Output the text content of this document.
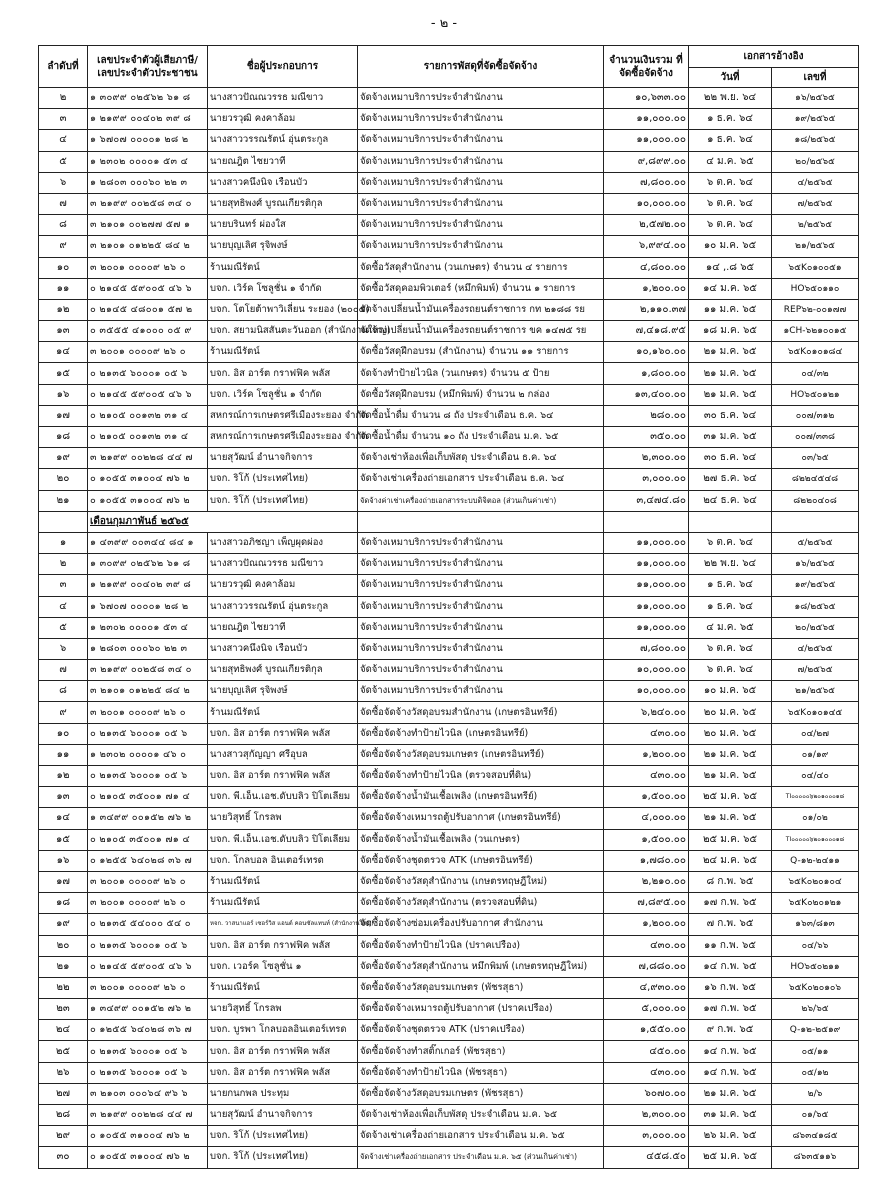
- ๒ -
ลำดับที่	เลขประจำตัวผู้เสียภาษี/ เลขประจำตัวประชาชน	ชื่อผู้ประกอบการ	รายการพัสดุที่จัดซื้อจัดจ้าง	จำนวนเงินรวม ที่จัดซื้อจัดจ้าง	เอกสารอ้างอิง	
					วันที่	เลขที่
๒	๑ ๓๐๙๙ ๐๒๕๖๒ ๖๑ ๘	นางสาวปัณณวรรธ มณีขาว	จัดจ้างเหมาบริการประจำสำนักงาน	๑๐,๖๓๓.๐๐	๒๒ พ.ย. ๖๔	๑๖/๒๕๖๕
๓	๑ ๒๑๙๙ ๐๐๔๐๒ ๓๙ ๘	นายวรวุฒิ คงคาล้อม	จัดจ้างเหมาบริการประจำสำนักงาน	๑๑,๐๐๐.๐๐	๑ ธ.ค. ๖๔	๑๙/๒๕๖๕
๔	๑ ๖๗๐๗ ๐๐๐๐๑ ๒๘ ๒	นางสาววรรณรัตน์ อุ่นตระกูล	จัดจ้างเหมาบริการประจำสำนักงาน	๑๑,๐๐๐.๐๐	๑ ธ.ค. ๖๔	๑๘/๒๕๖๕
๕	๑ ๒๓๐๒ ๐๐๐๐๑ ๕๓ ๔	นายณฎิต ไชยวาที	จัดจ้างเหมาบริการประจำสำนักงาน	๙,๘๙๙.๐๐	๔ ม.ค. ๖๕	๒๐/๒๕๖๕
๖	๑ ๒๘๐๓ ๐๐๐๖๐ ๒๒ ๓	นางสาวคนึงนิจ เรือนบัว	จัดจ้างเหมาบริการประจำสำนักงาน	๗,๘๐๐.๐๐	๖ ต.ค. ๖๔	๔/๒๕๖๕
๗	๓ ๒๑๙๙ ๐๐๒๕๘ ๓๔ ๐	นายสุทธิพงศ์ บูรณเกียรติกุล	จัดจ้างเหมาบริการประจำสำนักงาน	๑๐,๐๐๐.๐๐	๖ ต.ค. ๖๔	๗/๒๕๖๕
๘	๓ ๒๑๐๑ ๐๐๒๗๗ ๕๗ ๑	นายบรินทร์ ผ่องใส	จัดจ้างเหมาบริการประจำสำนักงาน	๒,๕๗๒.๐๐	๖ ต.ค. ๖๔	๒/๒๕๖๕
๙	๓ ๒๑๐๑ ๐๑๒๒๕ ๘๔ ๒	นายบุญเลิศ รุจิพงษ์	จัดจ้างเหมาบริการประจำสำนักงาน	๖,๙๙๔.๐๐	๑๐ ม.ค. ๖๕	๒๑/๒๕๖๕
๑๐	๓ ๒๐๐๑ ๐๐๐๐๙ ๒๖ ๐	ร้านมณีรัตน์	จัดซื้อวัสดุสำนักงาน (วนเกษตร) จำนวน ๔ รายการ	๔,๘๐๐.๐๐	๑๔ ,.๘ ๖๕	๖๕K๐๑๐๐๕๑
๑๑	๐ ๒๑๔๕ ๕๙๐๐๕ ๔๖ ๖	บจก. เวิร์ค โซลูชั่น ๑ จำกัด	จัดซื้อวัสดุคอมพิวเตอร์ (หมึกพิมพ์) จำนวน ๑ รายการ	๑,๒๐๐.๐๐	๑๔ ม.ค. ๖๕	HO๖๕๐๑๑๐
๑๒	๐ ๒๑๔๕ ๔๘๐๐๑ ๕๗ ๒	บจก. โตโยต้าพาวิเลี่ยน ระยอง (๒๐๐๕)	จัดจ้างเปลี่ยนน้ำมันเครื่องรถยนต์ราชการ กท ๒๑๘๘ รย	๒,๑๑๐.๓๗	๑๑ ม.ค. ๖๕	REP๖๒-๐๐๑๗๗
๑๓	๐ ๓๕๕๕ ๔๑๐๐๐ ๐๕ ๙	บจก. สยามนิสสันตะวันออก (สำนักงานใหญ่)	จัดจ้างเปลี่ยนน้ำมันเครื่องรถยนต์ราชการ ขค ๑๔๗๕ รย	๗,๔๑๘.๙๕	๑๘ ม.ค. ๖๕	๑CH-๖๒๑๐๐๑๕
๑๔	๓ ๒๐๐๑ ๐๐๐๐๙ ๒๖ ๐	ร้านมณีรัตน์	จัดซื้อวัสดุฝึกอบรม (สำนักงาน) จำนวน ๑๑ รายการ	๑๐,๑๖๐.๐๐	๒๑ ม.ค. ๖๕	๖๕K๐๑๐๑๘๔
๑๕	๐ ๒๑๓๕ ๖๐๐๐๑ ๐๕ ๖	บจก. อิส อาร์ต กราฟฟิค พลัส	จัดจ้างทำป้ายไวนิล (วนเกษตร) จำนวน ๕ ป้าย	๑,๘๐๐.๐๐	๒๑ ม.ค. ๖๕	๐๔/๓๒
๑๖	๐ ๒๑๔๕ ๕๙๐๐๕ ๔๖ ๖	บจก. เวิร์ค โซลูชั่น ๑ จำกัด	จัดซื้อวัสดุฝึกอบรม (หมึกพิมพ์) จำนวน ๒ กล่อง	๑๓,๔๐๐.๐๐	๒๑ ม.ค. ๖๕	HO๖๕๐๑๒๑
๑๗	๐ ๒๑๐๕ ๐๐๑๓๒ ๓๑ ๔	สหกรณ์การเกษตรศรีเมืองระยอง จำกัด	จัดซื้อน้ำดื่ม จำนวน ๘ ถัง ประจำเดือน ธ.ค. ๖๔	๒๘๐.๐๐	๓๐ ธ.ค. ๖๔	๐๐๗/๓๑๒
๑๘	๐ ๒๑๐๕ ๐๐๑๓๒ ๓๑ ๔	สหกรณ์การเกษตรศรีเมืองระยอง จำกัด	จัดซื้อน้ำดื่ม จำนวน ๑๐ ถัง ประจำเดือน ม.ค. ๖๕	๓๕๐.๐๐	๓๑ ม.ค. ๖๕	๐๐๗/๓๓๘
๑๙	๓ ๒๑๙๙ ๐๐๒๒๘ ๔๔ ๗	นายสุวัฒน์ อำนาจกิจการ	จัดจ้างเช่าห้องเพื่อเก็บพัสดุ ประจำเดือน ธ.ค. ๖๔	๒,๓๐๐.๐๐	๓๐ ธ.ค. ๖๔	๐๓/๖๕
๒๐	๐ ๑๐๕๕ ๓๑๐๐๔ ๗๖ ๒	บจก. ริโก้ (ประเทศไทย)	จัดจ้างเช่าเครื่องถ่ายเอกสาร ประจำเดือน ธ.ค. ๖๔	๓,๐๐๐.๐๐	๒๗ ธ.ค. ๖๔	๘๒๒๔๕๔๘
๒๑	๐ ๑๐๕๕ ๓๑๐๐๔ ๗๖ ๒	บจก. ริโก้ (ประเทศไทย)	จัดจ้างค่าเช่าเครื่องถ่ายเอกสารระบบดิจิตอล (ส่วนเกินค่าเช่า)	๓,๔๗๔.๘๐	๒๔ ธ.ค. ๖๔	๘๒๒๐๔๐๘
	เดือนกุมภาพันธ์ ๒๕๖๕					
๑	๑ ๔๓๙๙ ๐๐๓๔๔ ๘๔ ๑	นางสาวอภิชญา เพ็ญผุดผ่อง	จัดจ้างเหมาบริการประจำสำนักงาน	๑๑,๐๐๐.๐๐	๖ ต.ค. ๖๔	๕/๒๕๖๕
๒	๑ ๓๐๙๙ ๐๒๕๖๒ ๖๑ ๘	นางสาวปัณณวรรธ มณีขาว	จัดจ้างเหมาบริการประจำสำนักงาน	๑๑,๐๐๐.๐๐	๒๒ พ.ย. ๖๔	๑๖/๒๕๖๕
๓	๑ ๒๑๙๙ ๐๐๔๐๒ ๓๙ ๘	นายวรวุฒิ คงคาล้อม	จัดจ้างเหมาบริการประจำสำนักงาน	๑๑,๐๐๐.๐๐	๑ ธ.ค. ๖๔	๑๙/๒๕๖๕
๔	๑ ๖๗๐๗ ๐๐๐๐๑ ๒๘ ๒	นางสาววรรณรัตน์ อุ่นตระกูล	จัดจ้างเหมาบริการประจำสำนักงาน	๑๑,๐๐๐.๐๐	๑ ธ.ค. ๖๔	๑๘/๒๕๖๕
๕	๑ ๒๓๐๒ ๐๐๐๐๑ ๕๓ ๔	นายณฎิต ไชยวาที	จัดจ้างเหมาบริการประจำสำนักงาน	๑๑,๐๐๐.๐๐	๔ ม.ค. ๖๕	๒๐/๒๕๖๕
๖	๑ ๒๘๐๓ ๐๐๐๖๐ ๒๒ ๓	นางสาวคนึงนิจ เรือนบัว	จัดจ้างเหมาบริการประจำสำนักงาน	๗,๘๐๐.๐๐	๖ ต.ค. ๖๔	๔/๒๕๖๕
๗	๓ ๒๑๙๙ ๐๐๒๕๘ ๓๔ ๐	นายสุทธิพงศ์ บูรณเกียรติกุล	จัดจ้างเหมาบริการประจำสำนักงาน	๑๐,๐๐๐.๐๐	๖ ต.ค. ๖๔	๗/๒๕๖๕
๘	๓ ๒๑๐๑ ๐๑๒๒๕ ๘๔ ๒	นายบุญเลิศ รุจิพงษ์	จัดจ้างเหมาบริการประจำสำนักงาน	๑๐,๐๐๐.๐๐	๑๐ ม.ค. ๖๕	๒๑/๒๕๖๕
๙	๓ ๒๐๐๑ ๐๐๐๐๙ ๒๖ ๐	ร้านมณีรัตน์	จัดซื้อจัดจ้างวัสดุอบรมสำนักงาน (เกษตรอินทรีย์)	๖,๒๔๐.๐๐	๒๐ ม.ค. ๖๕	๖๕K๐๑๐๑๔๕
๑๐	๐ ๒๑๓๕ ๖๐๐๐๑ ๐๕ ๖	บจก. อิส อาร์ต กราฟฟิค พลัส	จัดซื้อจัดจ้างทำป้ายไวนิล (เกษตรอินทรีย์)	๔๓๐.๐๐	๒๐ ม.ค. ๖๕	๐๔/๒๗
๑๑	๑ ๒๓๐๒ ๐๐๐๐๑ ๔๖ ๐	นางสาวสุกัญญา ศรีอุบล	จัดซื้อจัดจ้างวัสดุอบรมเกษตร (เกษตรอินทรีย์)	๑,๒๐๐.๐๐	๒๑ ม.ค. ๖๕	๐๑/๑๙
๑๒	๐ ๒๑๓๕ ๖๐๐๐๑ ๐๕ ๖	บจก. อิส อาร์ต กราฟฟิค พลัส	จัดซื้อจัดจ้างทำป้ายไวนิล (ตรวจสอบที่ดิน)	๔๓๐.๐๐	๒๑ ม.ค. ๖๕	๐๔/๔๐
๑๓	๐ ๒๑๐๕ ๓๕๐๐๑ ๗๑ ๔	บจก. พี.เอ็น.เอช.ดับบลิว ปิโตเลียม	จัดซื้อจัดจ้างน้ำมันเชื้อเพลิง (เกษตรอินทรีย์)	๑,๕๐๐.๐๐	๒๕ ม.ค. ๖๕	TI๐๐๐๐๐๖๒๐๑๐๐๐๑๘
๑๔	๑ ๓๔๙๙ ๐๐๑๕๒ ๗๖ ๒	นายวิสุทธิ์ โกรลพ	จัดซื้อจัดจ้างเหมารถตู้ปรับอากาศ (เกษตรอินทรีย์)	๔,๐๐๐.๐๐	๒๑ ม.ค. ๖๕	๐๑/๐๒
๑๕	๐ ๒๑๐๕ ๓๕๐๐๑ ๗๑ ๔	บจก. พี.เอ็น.เอช.ดับบลิว ปิโตเลียม	จัดซื้อจัดจ้างน้ำมันเชื้อเพลิง (วนเกษตร)	๑,๕๐๐.๐๐	๒๕ ม.ค. ๖๕	TI๐๐๐๐๐๖๒๐๑๐๐๐๑๘
๑๖	๐ ๑๒๕๕ ๖๔๐๒๘ ๓๖ ๗	บจก. โกลบอล อินเตอร์เทรด	จัดซื้อจัดจ้างชุดตรวจ ATK (เกษตรอินทรีย์)	๑,๗๘๐.๐๐	๒๔ ม.ค. ๖๕	Q-๑๒-๒๔๑๑
๑๗	๓ ๒๐๐๑ ๐๐๐๐๙ ๒๖ ๐	ร้านมณีรัตน์	จัดซื้อจัดจ้างวัสดุสำนักงาน (เกษตรทฤษฎีใหม่)	๒,๒๑๐.๐๐	๘ ก.พ. ๖๕	๖๕K๐๒๐๑๐๔
๑๘	๓ ๒๐๐๑ ๐๐๐๐๙ ๒๖ ๐	ร้านมณีรัตน์	จัดซื้อจัดจ้างวัสดุสำนักงาน (ตรวจสอบที่ดิน)	๗,๘๙๕.๐๐	๑๗ ก.พ. ๖๕	๖๕K๐๒๐๑๒๑
๑๙	๐ ๒๑๓๕ ๕๔๐๐๐ ๕๔ ๐	หจก. วาสนาแอร์ เซอร์วิส แอนด์ คอนซัลแทนท์ (สำนักงานใหญ่)	จัดซื้อจัดจ้างซ่อมเครื่องปรับอากาศ สำนักงาน	๑,๒๐๐.๐๐	๗ ก.พ. ๖๕	๑๖๓/๘๑๓
๒๐	๐ ๒๑๓๕ ๖๐๐๐๑ ๐๕ ๖	บจก. อิส อาร์ต กราฟฟิค พลัส	จัดซื้อจัดจ้างทำป้ายไวนิล (ปราคเปรือง)	๔๓๐.๐๐	๑๑ ก.พ. ๖๕	๐๔/๖๖
๒๑	๐ ๒๑๔๕ ๕๙๐๐๕ ๔๖ ๖	บจก. เวอร์ค โซลูชั่น ๑	จัดซื้อจัดจ้างวัสดุสำนักงาน หมึกพิมพ์ (เกษตรทฤษฎีใหม่)	๗,๘๘๐.๐๐	๑๔ ก.พ. ๖๕	HO๖๕๐๒๑๑
๒๒	๓ ๒๐๐๑ ๐๐๐๐๙ ๒๖ ๐	ร้านมณีรัตน์	จัดซื้อจัดจ้างวัสดุอบรมเกษตร (พัชรสุธา)	๔,๙๓๐.๐๐	๑๖ ก.พ. ๖๕	๖๕K๐๒๐๑๐๖
๒๓	๑ ๓๔๙๙ ๐๐๑๕๒ ๗๖ ๒	นายวิสุทธิ์ โกรลพ	จัดซื้อจัดจ้างเหมารถตู้ปรับอากาศ (ปราคเปรือง)	๕,๐๐๐.๐๐	๑๗ ก.พ. ๖๕	๒๖/๖๕
๒๔	๐ ๑๒๕๕ ๖๔๐๒๘ ๓๖ ๗	บจก. บูรพา โกลบอลอินเตอร์เทรด	จัดซื้อจัดจ้างชุดตรวจ ATK (ปราคเปรือง)	๑,๕๕๐.๐๐	๙ ก.พ. ๖๕	Q-๑๒-๒๕๑๙
๒๕	๐ ๒๑๓๕ ๖๐๐๐๑ ๐๕ ๖	บจก. อิส อาร์ต กราฟฟิค พลัส	จัดซื้อจัดจ้างทำสติ๊กเกอร์ (พัชรสุธา)	๔๕๐.๐๐	๑๔ ก.พ. ๖๕	๐๕/๑๑
๒๖	๐ ๒๑๓๕ ๖๐๐๐๑ ๐๕ ๖	บจก. อิส อาร์ต กราฟฟิค พลัส	จัดซื้อจัดจ้างทำป้ายไวนิล (พัชรสุธา)	๔๓๐.๐๐	๑๔ ก.พ. ๖๕	๐๕/๑๒
๒๗	๓ ๒๑๐๓ ๐๐๐๖๔ ๙๖ ๖	นายกนกพล ประทุม	จัดซื้อจัดจ้างวัสดุอบรมเกษตร (พัชรสุธา)	๖๐๗๐.๐๐	๒๑ ม.ค. ๖๕	๒/๖
๒๘	๓ ๒๑๙๙ ๐๐๒๒๘ ๔๔ ๗	นายสุวัฒน์ อำนาจกิจการ	จัดจ้างเช่าห้องเพื่อเก็บพัสดุ ประจำเดือน ม.ค. ๖๕	๒,๓๐๐.๐๐	๓๑ ม.ค. ๖๕	๐๑/๖๕
๒๙	๐ ๑๐๕๕ ๓๑๐๐๔ ๗๖ ๒	บจก. ริโก้ (ประเทศไทย)	จัดจ้างเช่าเครื่องถ่ายเอกสาร ประจำเดือน ม.ค. ๖๕	๓,๐๐๐.๐๐	๒๖ ม.ค. ๖๕	๘๖๓๔๑๘๕
๓๐	๐ ๑๐๕๕ ๓๑๐๐๔ ๗๖ ๒	บจก. ริโก้ (ประเทศไทย)	จัดจ้างเช่าเครื่องถ่ายเอกสาร ประจำเดือน ม.ค. ๖๕ (ส่วนเกินค่าเช่า)	๔๕๘.๕๐	๒๕ ม.ค. ๖๕	๘๖๓๕๑๑๖
